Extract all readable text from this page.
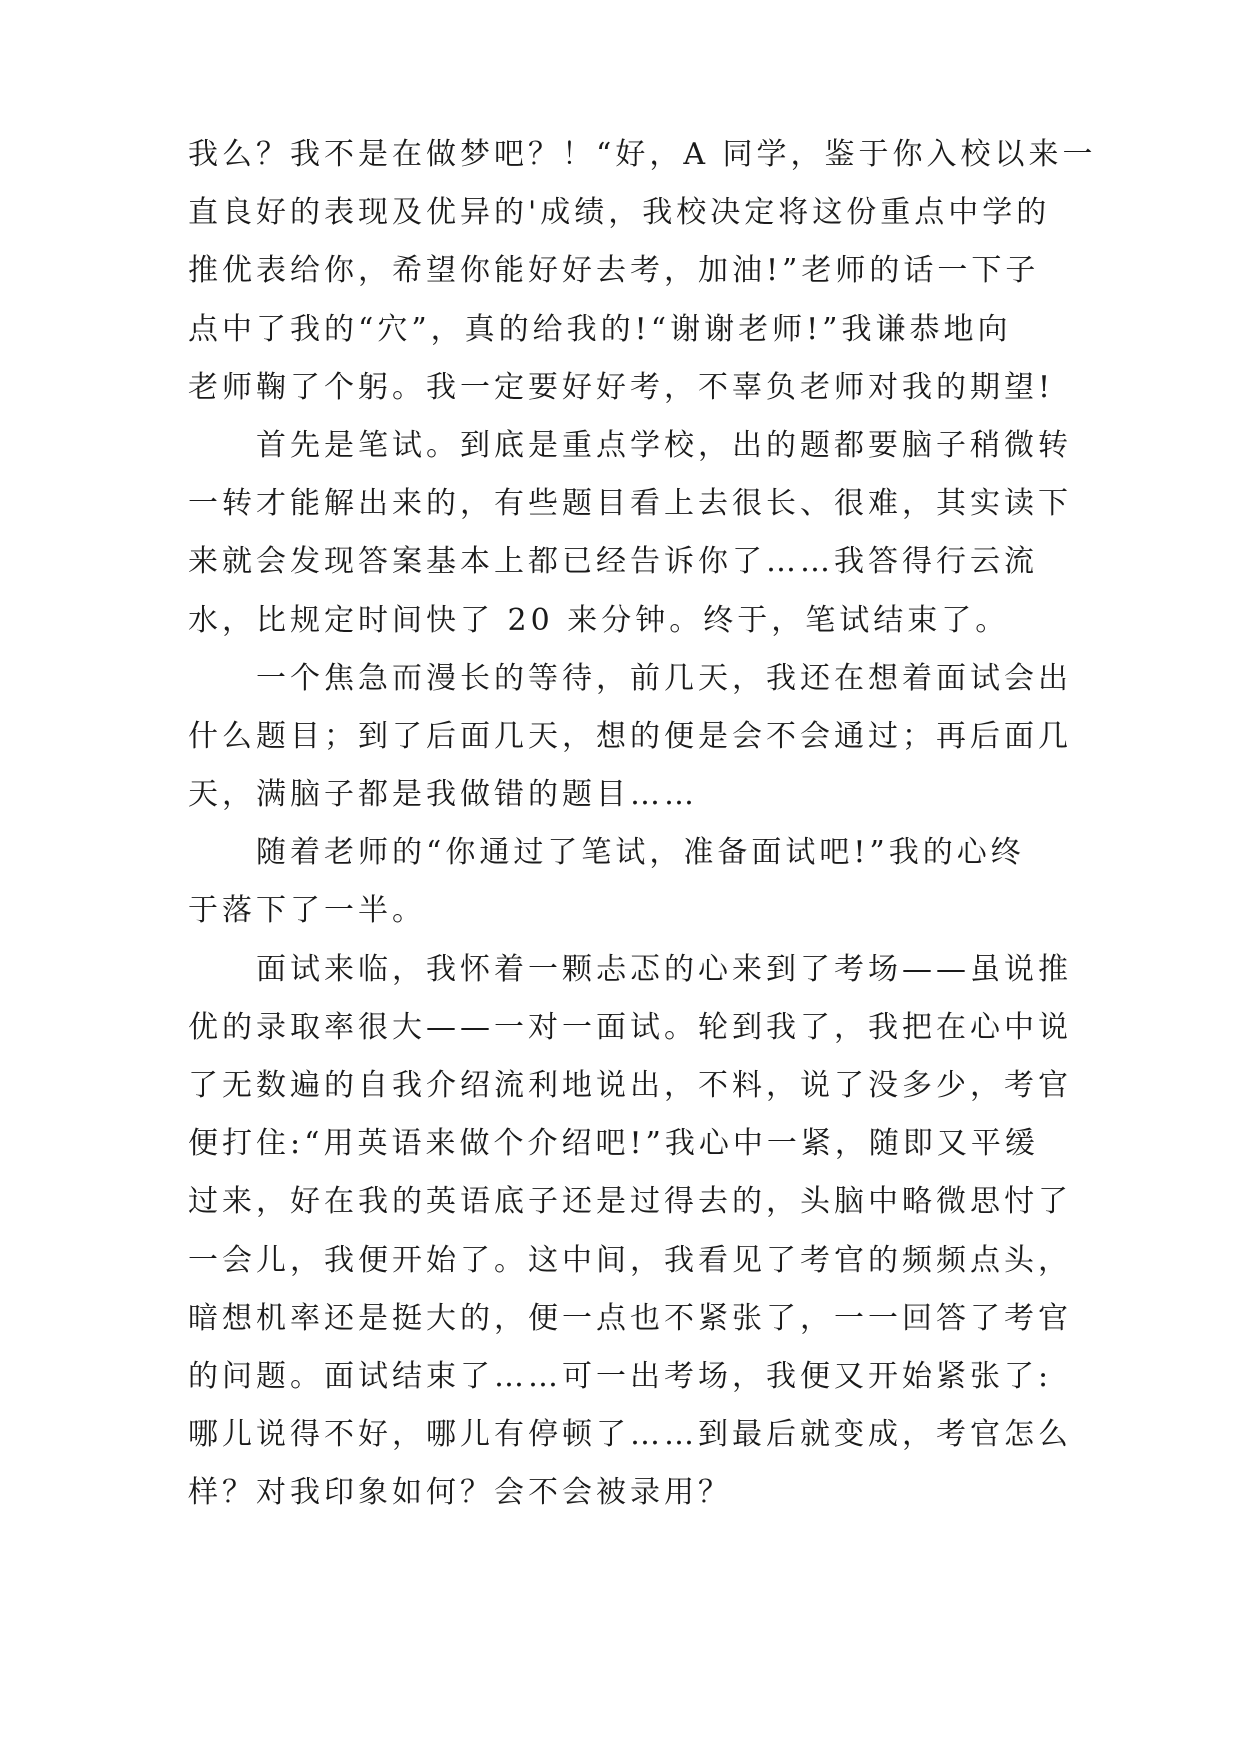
我么？我不是在做梦吧？！“好，A 同学，鉴于你入校以来一
直良好的表现及优异的'成绩，我校决定将这份重点中学的
推优表给你，希望你能好好去考，加油!”老师的话一下子
点中了我的“穴”，真的给我的!“谢谢老师!”我谦恭地向
老师鞠了个躬。我一定要好好考，不辜负老师对我的期望!
首先是笔试。到底是重点学校，出的题都要脑子稍微转
一转才能解出来的，有些题目看上去很长、很难，其实读下
来就会发现答案基本上都已经告诉你了……我答得行云流
水，比规定时间快了 20 来分钟。终于，笔试结束了。
一个焦急而漫长的等待，前几天，我还在想着面试会出
什么题目；到了后面几天，想的便是会不会通过；再后面几
天，满脑子都是我做错的题目……
随着老师的“你通过了笔试，准备面试吧!”我的心终
于落下了一半。
面试来临，我怀着一颗忐忑的心来到了考场——虽说推
优的录取率很大——一对一面试。轮到我了，我把在心中说
了无数遍的自我介绍流利地说出，不料，说了没多少，考官
便打住:“用英语来做个介绍吧!”我心中一紧，随即又平缓
过来，好在我的英语底子还是过得去的，头脑中略微思忖了
一会儿，我便开始了。这中间，我看见了考官的频频点头，
暗想机率还是挺大的，便一点也不紧张了，一一回答了考官
的问题。面试结束了……可一出考场，我便又开始紧张了:
哪儿说得不好，哪儿有停顿了……到最后就变成，考官怎么
样？对我印象如何？会不会被录用？
